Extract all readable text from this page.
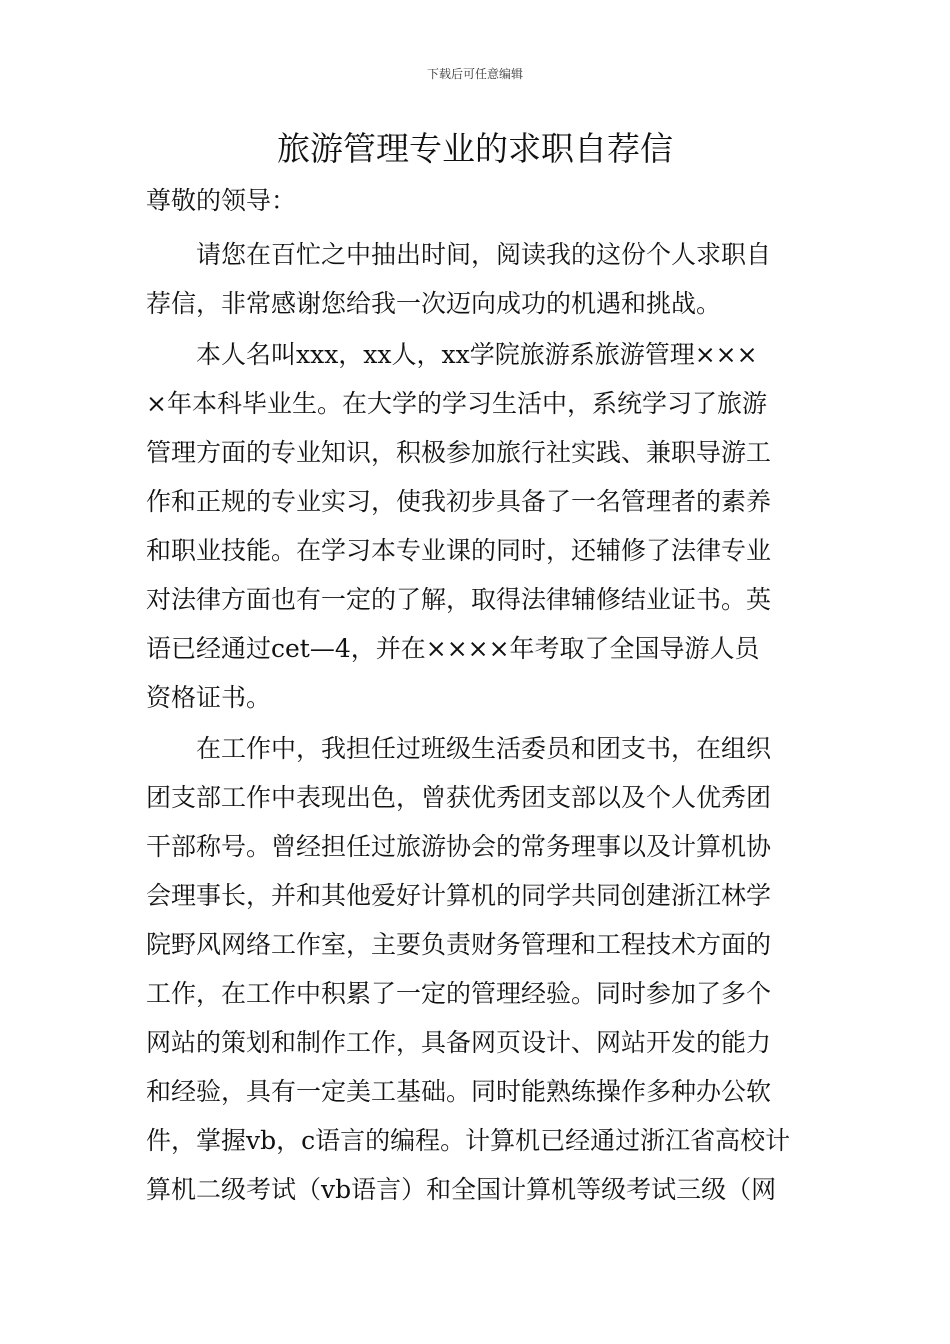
下载后可任意编辑
旅游管理专业的求职自荐信

尊敬的领导：

　　请您在百忙之中抽出时间，阅读我的这份个人求职自
荐信，非常感谢您给我一次迈向成功的机遇和挑战。
　　本人名叫xxx，xx人，xx学院旅游系旅游管理×××
×年本科毕业生。在大学的学习生活中，系统学习了旅游
管理方面的专业知识，积极参加旅行社实践、兼职导游工
作和正规的专业实习，使我初步具备了一名管理者的素养
和职业技能。在学习本专业课的同时，还辅修了法律专业
对法律方面也有一定的了解，取得法律辅修结业证书。英
语已经通过cet—4，并在××××年考取了全国导游人员
资格证书。
　　在工作中，我担任过班级生活委员和团支书，在组织
团支部工作中表现出色，曾获优秀团支部以及个人优秀团
干部称号。曾经担任过旅游协会的常务理事以及计算机协
会理事长，并和其他爱好计算机的同学共同创建浙江林学
院野风网络工作室，主要负责财务管理和工程技术方面的
工作，在工作中积累了一定的管理经验。同时参加了多个
网站的策划和制作工作，具备网页设计、网站开发的能力
和经验，具有一定美工基础。同时能熟练操作多种办公软
件，掌握vb，c语言的编程。计算机已经通过浙江省高校计
算机二级考试（vb语言）和全国计算机等级考试三级（网
